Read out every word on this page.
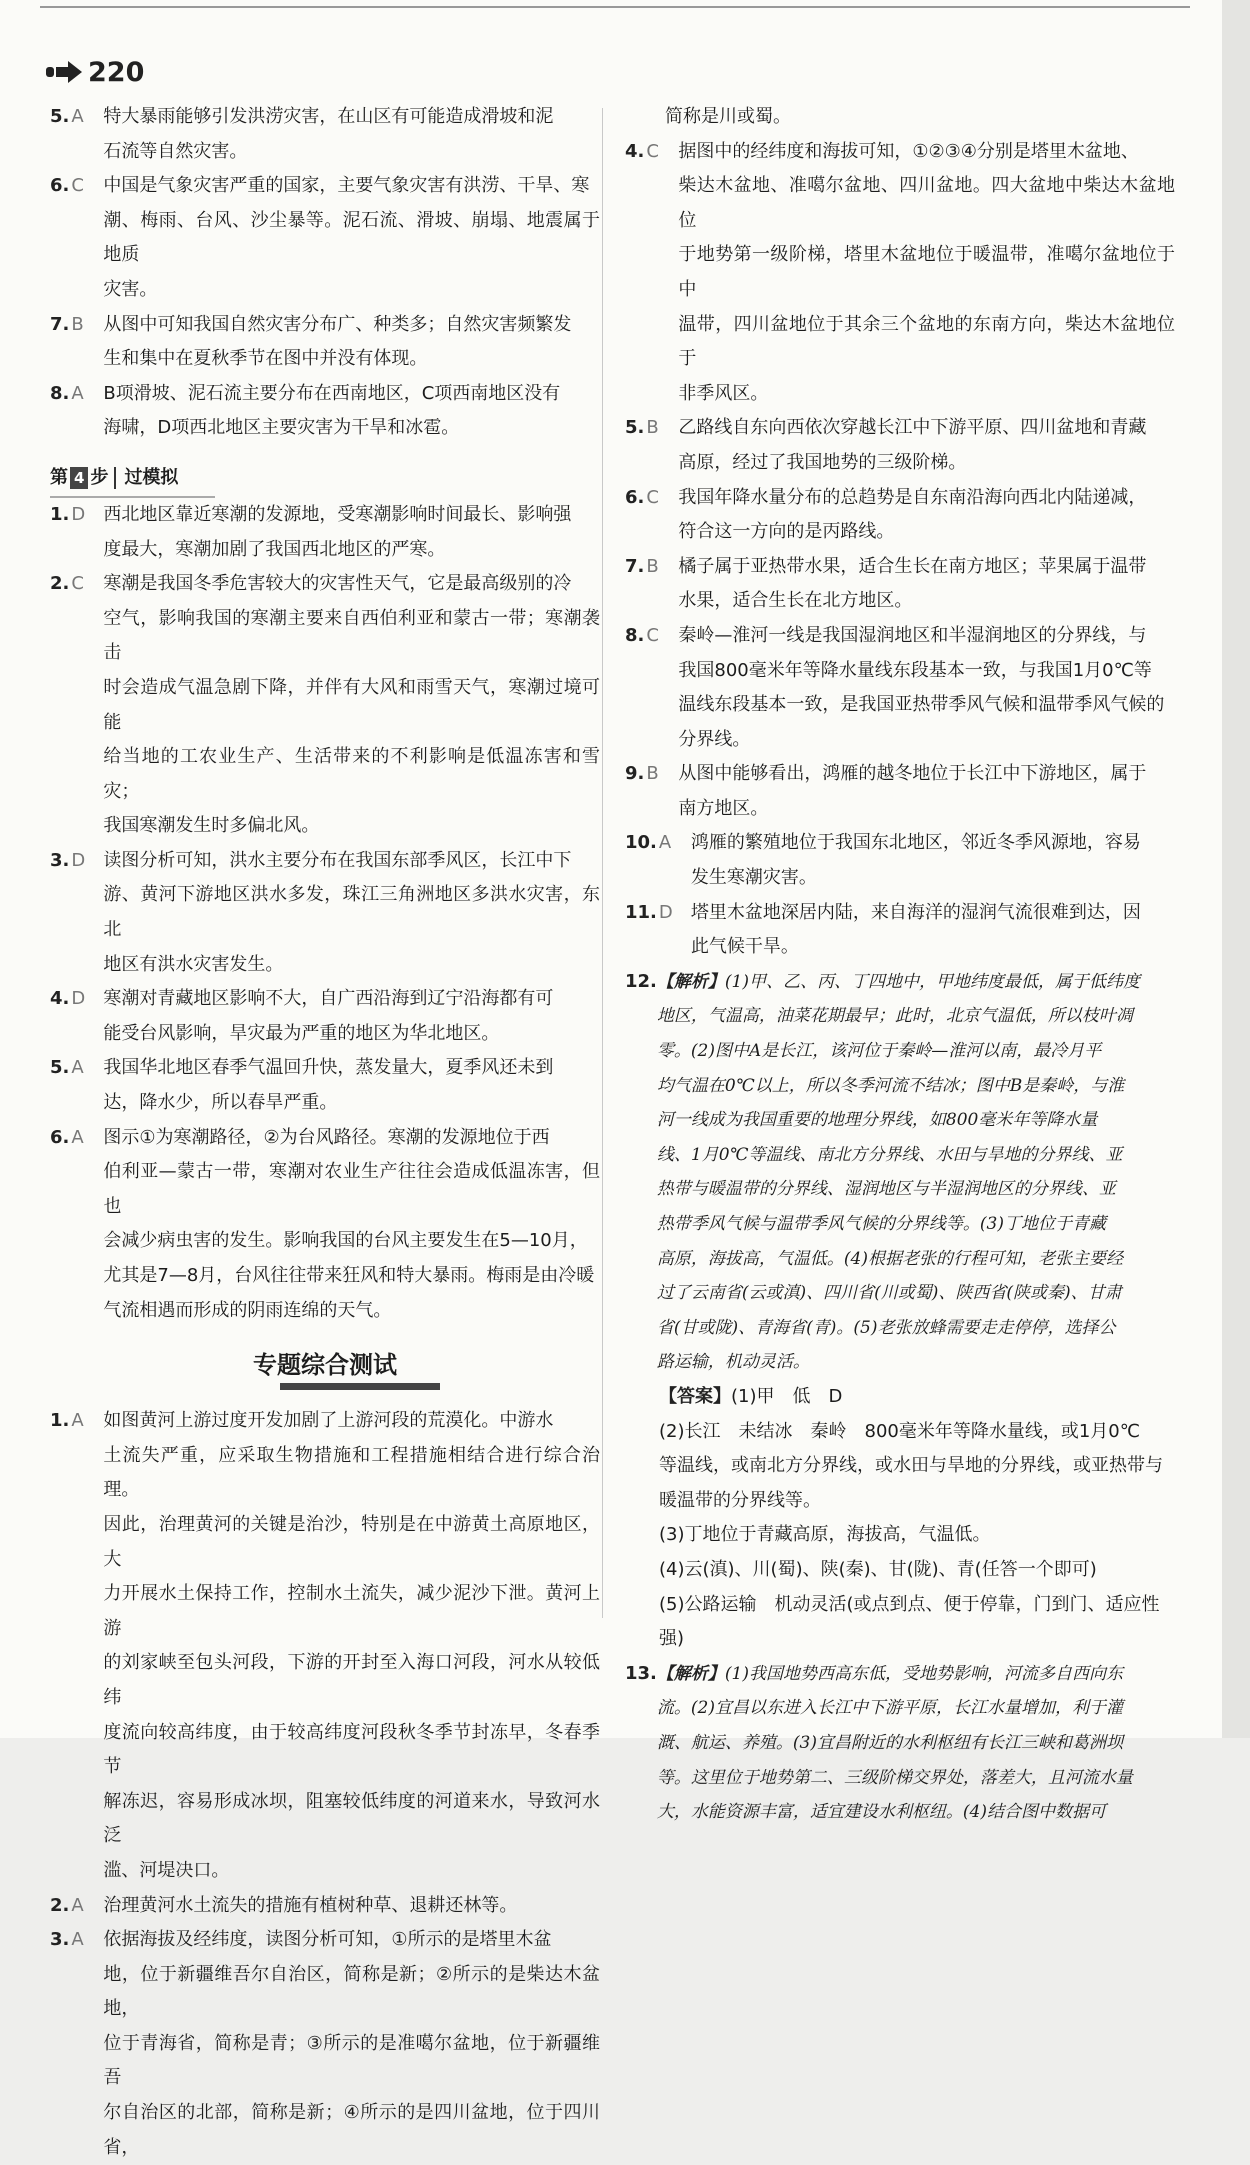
220
5. A	特大暴雨能够引发洪涝灾害，在山区有可能造成滑坡和泥
石流等自然灾害。
6. C	中国是气象灾害严重的国家，主要气象灾害有洪涝、干旱、寒
潮、梅雨、台风、沙尘暴等。泥石流、滑坡、崩塌、地震属于地质
灾害。
7. B	从图中可知我国自然灾害分布广、种类多；自然灾害频繁发
生和集中在夏秋季节在图中并没有体现。
8. A	B项滑坡、泥石流主要分布在西南地区，C项西南地区没有
海啸，D项西北地区主要灾害为干旱和冰雹。
第 4 步 过模拟
1. D	西北地区靠近寒潮的发源地，受寒潮影响时间最长、影响强
度最大，寒潮加剧了我国西北地区的严寒。
2. C	寒潮是我国冬季危害较大的灾害性天气，它是最高级别的冷
空气，影响我国的寒潮主要来自西伯利亚和蒙古一带；寒潮袭击
时会造成气温急剧下降，并伴有大风和雨雪天气，寒潮过境可能
给当地的工农业生产、生活带来的不利影响是低温冻害和雪灾；
我国寒潮发生时多偏北风。
3. D	读图分析可知，洪水主要分布在我国东部季风区，长江中下
游、黄河下游地区洪水多发，珠江三角洲地区多洪水灾害，东北
地区有洪水灾害发生。
4. D	寒潮对青藏地区影响不大，自广西沿海到辽宁沿海都有可
能受台风影响，旱灾最为严重的地区为华北地区。
5. A	我国华北地区春季气温回升快，蒸发量大，夏季风还未到
达，降水少，所以春旱严重。
6. A	图示①为寒潮路径，②为台风路径。寒潮的发源地位于西
伯利亚—蒙古一带，寒潮对农业生产往往会造成低温冻害，但也
会减少病虫害的发生。影响我国的台风主要发生在5—10月，
尤其是7—8月，台风往往带来狂风和特大暴雨。梅雨是由冷暖
气流相遇而形成的阴雨连绵的天气。
专题综合测试
1. A	如图黄河上游过度开发加剧了上游河段的荒漠化。中游水
土流失严重，应采取生物措施和工程措施相结合进行综合治理。
因此，治理黄河的关键是治沙，特别是在中游黄土高原地区，大
力开展水土保持工作，控制水土流失，减少泥沙下泄。黄河上游
的刘家峡至包头河段，下游的开封至入海口河段，河水从较低纬
度流向较高纬度，由于较高纬度河段秋冬季节封冻早，冬春季节
解冻迟，容易形成冰坝，阻塞较低纬度的河道来水，导致河水泛
滥、河堤决口。
2. A	治理黄河水土流失的措施有植树种草、退耕还林等。
3. A	依据海拔及经纬度，读图分析可知，①所示的是塔里木盆
地，位于新疆维吾尔自治区，简称是新；②所示的是柴达木盆地，
位于青海省，简称是青；③所示的是准噶尔盆地，位于新疆维吾
尔自治区的北部，简称是新；④所示的是四川盆地，位于四川省，
简称是川或蜀。
4. C	据图中的经纬度和海拔可知，①②③④分别是塔里木盆地、
柴达木盆地、准噶尔盆地、四川盆地。四大盆地中柴达木盆地位
于地势第一级阶梯，塔里木盆地位于暖温带，准噶尔盆地位于中
温带，四川盆地位于其余三个盆地的东南方向，柴达木盆地位于
非季风区。
5. B	乙路线自东向西依次穿越长江中下游平原、四川盆地和青藏
高原，经过了我国地势的三级阶梯。
6. C	我国年降水量分布的总趋势是自东南沿海向西北内陆递减，
符合这一方向的是丙路线。
7. B	橘子属于亚热带水果，适合生长在南方地区；苹果属于温带
水果，适合生长在北方地区。
8. C	秦岭—淮河一线是我国湿润地区和半湿润地区的分界线，与
我国800毫米年等降水量线东段基本一致，与我国1月0℃等
温线东段基本一致，是我国亚热带季风气候和温带季风气候的
分界线。
9. B	从图中能够看出，鸿雁的越冬地位于长江中下游地区，属于
南方地区。
10. A	鸿雁的繁殖地位于我国东北地区，邻近冬季风源地，容易
发生寒潮灾害。
11. D	塔里木盆地深居内陆，来自海洋的湿润气流很难到达，因
此气候干旱。
12. 【解析】(1)甲、乙、丙、丁四地中，甲地纬度最低，属于低纬度
地区，气温高，油菜花期最早；此时，北京气温低，所以枝叶凋
零。(2)图中A是长江，该河位于秦岭—淮河以南，最冷月平
均气温在0℃以上，所以冬季河流不结冰；图中B是秦岭，与淮
河一线成为我国重要的地理分界线，如800毫米年等降水量
线、1月0℃等温线、南北方分界线、水田与旱地的分界线、亚
热带与暖温带的分界线、湿润地区与半湿润地区的分界线、亚
热带季风气候与温带季风气候的分界线等。(3)丁地位于青藏
高原，海拔高，气温低。(4)根据老张的行程可知，老张主要经
过了云南省(云或滇)、四川省(川或蜀)、陕西省(陕或秦)、甘肃
省(甘或陇)、青海省(青)。(5)老张放蜂需要走走停停，选择公
路运输，机动灵活。
【答案】(1)甲　低　D
(2)长江　未结冰　秦岭　800毫米年等降水量线，或1月0℃
等温线，或南北方分界线，或水田与旱地的分界线，或亚热带与
暖温带的分界线等。
(3)丁地位于青藏高原，海拔高，气温低。
(4)云(滇)、川(蜀)、陕(秦)、甘(陇)、青(任答一个即可)
(5)公路运输　机动灵活(或点到点、便于停靠，门到门、适应性强)
13. 【解析】(1)我国地势西高东低，受地势影响，河流多自西向东
流。(2)宜昌以东进入长江中下游平原，长江水量增加，利于灌
溉、航运、养殖。(3)宜昌附近的水利枢纽有长江三峡和葛洲坝
等。这里位于地势第二、三级阶梯交界处，落差大，且河流水量
大，水能资源丰富，适宜建设水利枢纽。(4)结合图中数据可
